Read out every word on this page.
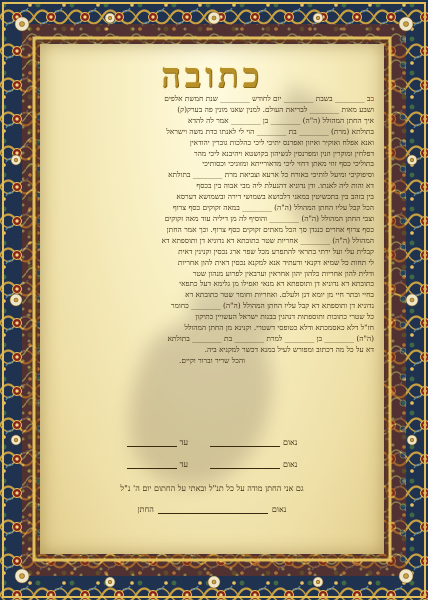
כתובה
בב ________ בשבת ________ יום לחודש ________ שנת חמשת אלפים
ושבע מאות ________ לבריאת העולם. למנין שאנו מונין פה בערק(ק)
איך החתן המהולל (ה"ה) ________ בן ________ אמר לה להדא
בתולתא (מרת) ________ בת ________ הוי לי לאנתו כדת משה וישראל
ואנא אפלח ואוקיר ואיזון ואפרנס יתיכי ליכי כהלכות גוברין יהודאין
דפלחין ומוקרין וזנין ומפרנסין לנשיהון בקושטא ויהיבנא ליכי מהר
בתוליכי כסף זוזי מאתן דחזי ליכי מדאורייתא ומזוניכי וכסותיכי
וסיפוקיכי ומיעל לותיכי כאורח כל ארעא וצביאת מרת ________ בתולתא
דא והות ליה לאנתו. ודן נדוניא דהנעלת ליה מבי אבוה בין בכסף
בין בזהב בין בתכשיטין במאני דלבושא בשמושי דירה ובשמושא דערסא
הכל קבל עליו החתן המהולל (ה"ה) ________ במאה זקוקים כסף צרוף
וצבי החתן המהולל (ה"ה) ________ והוסיף לה מן דיליה עוד מאה זקוקים
כסף צרוף אחרים כנגדן סך הכל מאתים זקוקים כסף צרוף. וכך אמר החתן
המהולל (ה"ה) ________ אחריות שטר כתובתא דא נדוניא דן ותוספתא דא
קבלית עלי ועל ירתי בתראי להתפרע מכל שפר ארג נכסין וקנינין דאית
לי תחות כל שמיא דקנאי ודעתיד אנא למקנא נכסין דאית להון אחריות
ודלית להון אחריות כלהון יהון אחראין וערבאין לפרוע מנהון שטר
כתובתא דא נדוניא דן ותוספתא דא מנאי ואפילו מן גלימא דעל כתפאי
בחיי ובתר חיי מן יומא דנן ולעלם. ואחריות וחומר שטר כתובתא דא
נדוניא דן ותוספתא דא קבל עליו החתן המהולל (ה"ה) ________ כחומר
כל שטרי כתובות ותוספתות דנהגין בבנות ישראל העשויין כתיקון
חז"ל דלא כאסמכתא ודלא כטופסי דשטרי. וקנינא מן החתן המהולל
(ה"ה) ________ בן ________ למרת ________ בת ________ בתולתא
דא על כל מה דכתוב ומפורש לעיל במנא דכשר למקניא ביה.
והכל שריר וברור וקיים.
נאום
עד
נאום
עד
גם אני החתן מודה על כל תנ"ל ובאתי על החתום יום ה' נ"ל
נאום
החתן
